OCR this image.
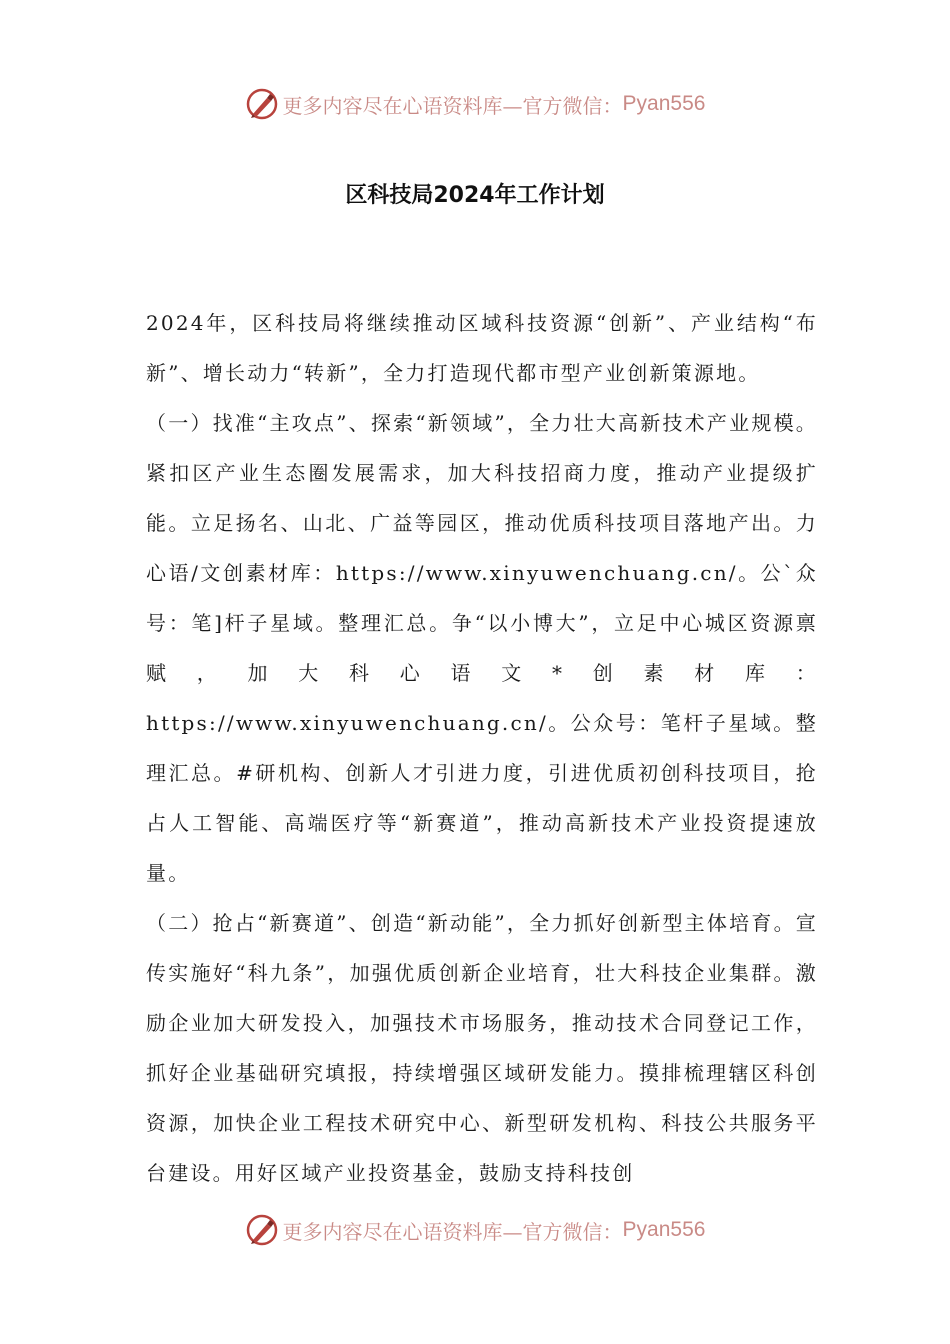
更多内容尽在心语资料库—官方微信： Pyan556
区科技局2024年工作计划

2024年，区科技局将继续推动区域科技资源“创新”、产业结构“布新”、增长动力“转新”，全力打造现代都市型产业创新策源地。

（一）找准“主攻点”、探索“新领域”，全力壮大高新技术产业规模。紧扣区产业生态圈发展需求，加大科技招商力度，推动产业提级扩能。立足扬名、山北、广益等园区，推动优质科技项目落地产出。力心语/文创素材库：https://www.xinyuwenchuang.cn/。公`众号：笔]杆子星域。整理汇总。争“以小博大”，立足中心城区资源禀赋，加大科心语文*创素材库：https://www.xinyuwenchuang.cn/。公众号：笔杆子星域。整理汇总。#研机构、创新人才引进力度，引进优质初创科技项目，抢占人工智能、高端医疗等“新赛道”，推动高新技术产业投资提速放量。

（二）抢占“新赛道”、创造“新动能”，全力抓好创新型主体培育。宣传实施好“科九条”，加强优质创新企业培育，壮大科技企业集群。激励企业加大研发投入，加强技术市场服务，推动技术合同登记工作，抓好企业基础研究填报，持续增强区域研发能力。摸排梳理辖区科创资源，加快企业工程技术研究中心、新型研发机构、科技公共服务平台建设。用好区域产业投资基金，鼓励支持科技创

更多内容尽在心语资料库—官方微信： Pyan556
